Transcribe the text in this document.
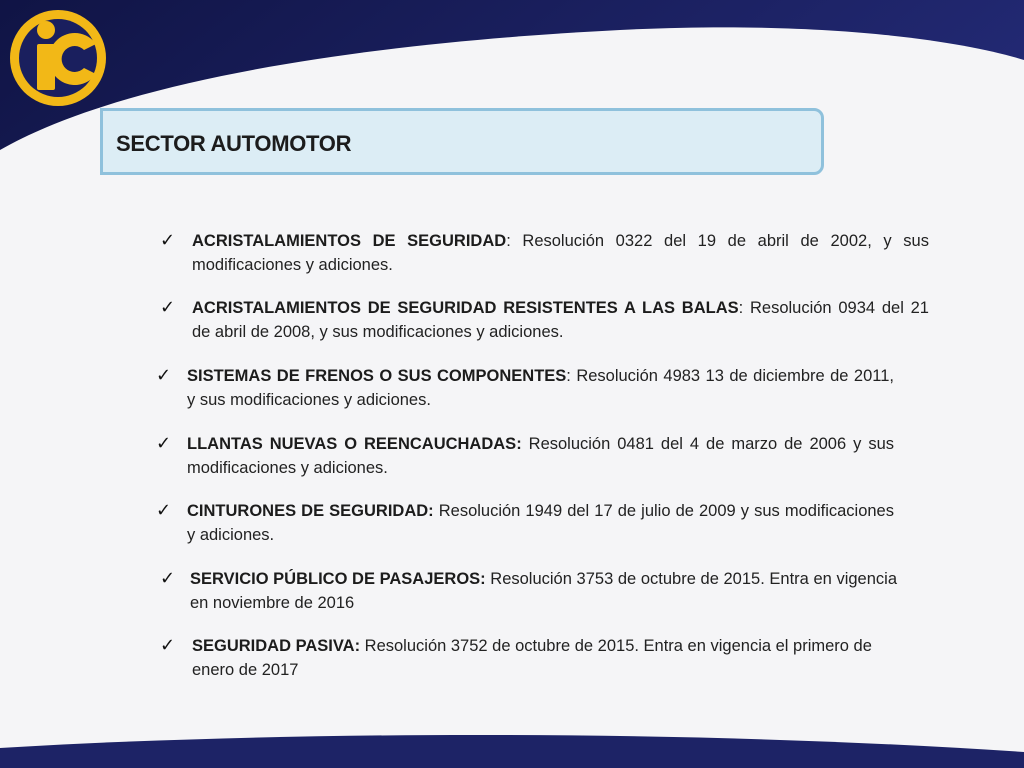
SECTOR AUTOMOTOR
✓ ACRISTALAMIENTOS DE SEGURIDAD: Resolución 0322 del 19 de abril de 2002, y sus modificaciones y adiciones.
✓ ACRISTALAMIENTOS DE SEGURIDAD RESISTENTES A LAS BALAS: Resolución 0934 del 21 de abril de 2008, y sus modificaciones y adiciones.
✓ SISTEMAS DE FRENOS O SUS COMPONENTES: Resolución 4983 13 de diciembre de 2011, y sus modificaciones y adiciones.
✓ LLANTAS NUEVAS O REENCAUCHADAS: Resolución 0481 del 4 de marzo de 2006 y sus modificaciones y adiciones.
✓ CINTURONES DE SEGURIDAD: Resolución 1949 del 17 de julio de 2009 y sus modificaciones y adiciones.
✓ SERVICIO PÚBLICO DE PASAJEROS: Resolución 3753 de octubre de 2015. Entra en vigencia en noviembre de 2016
✓ SEGURIDAD PASIVA: Resolución 3752 de octubre de 2015. Entra en vigencia el primero de enero de 2017
